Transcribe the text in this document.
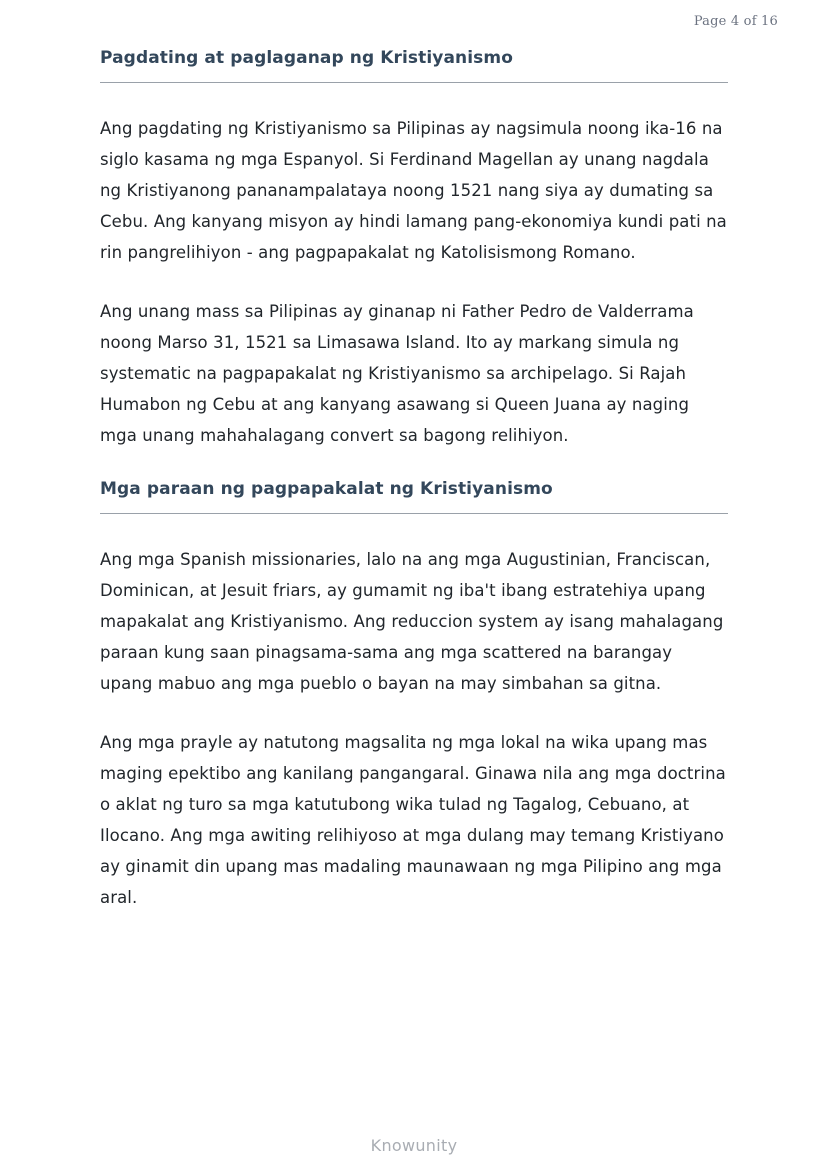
Page 4 of 16
Pagdating at paglaganap ng Kristiyanismo

Ang pagdating ng Kristiyanismo sa Pilipinas ay nagsimula noong ika-16 na siglo kasama ng mga Espanyol. Si Ferdinand Magellan ay unang nagdala ng Kristiyanong pananampalataya noong 1521 nang siya ay dumating sa Cebu. Ang kanyang misyon ay hindi lamang pang-ekonomiya kundi pati na rin pangrelihiyon - ang pagpapakalat ng Katolisismong Romano.

Ang unang mass sa Pilipinas ay ginanap ni Father Pedro de Valderrama noong Marso 31, 1521 sa Limasawa Island. Ito ay markang simula ng systematic na pagpapakalat ng Kristiyanismo sa archipelago. Si Rajah Humabon ng Cebu at ang kanyang asawang si Queen Juana ay naging mga unang mahahalagang convert sa bagong relihiyon.

Mga paraan ng pagpapakalat ng Kristiyanismo

Ang mga Spanish missionaries, lalo na ang mga Augustinian, Franciscan, Dominican, at Jesuit friars, ay gumamit ng iba't ibang estratehiya upang mapakalat ang Kristiyanismo. Ang reduccion system ay isang mahalagang paraan kung saan pinagsama-sama ang mga scattered na barangay upang mabuo ang mga pueblo o bayan na may simbahan sa gitna.

Ang mga prayle ay natutong magsalita ng mga lokal na wika upang mas maging epektibo ang kanilang pangangaral. Ginawa nila ang mga doctrina o aklat ng turo sa mga katutubong wika tulad ng Tagalog, Cebuano, at Ilocano. Ang mga awiting relihiyoso at mga dulang may temang Kristiyano ay ginamit din upang mas madaling maunawaan ng mga Pilipino ang mga aral.

Knowunity
